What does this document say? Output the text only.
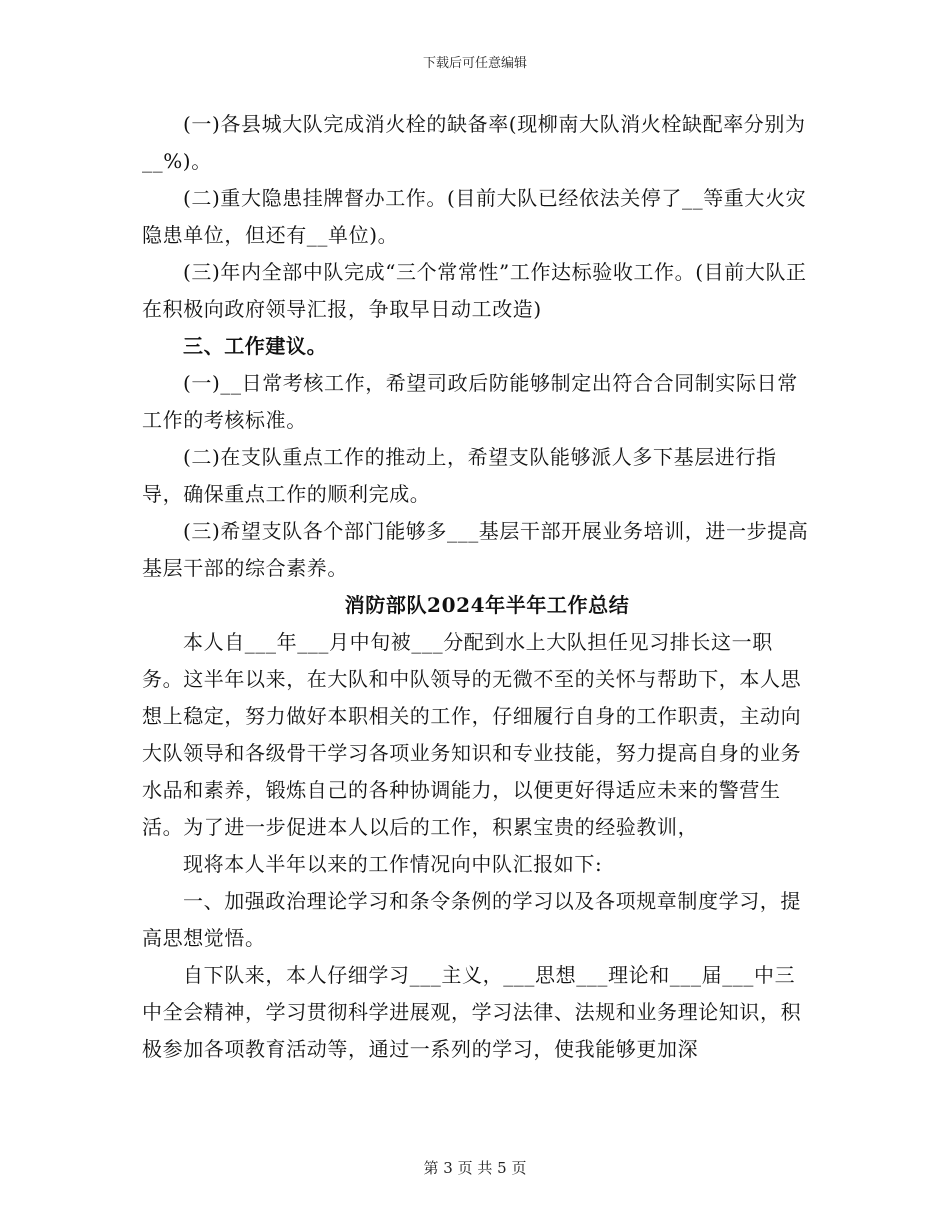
下载后可任意编辑

(一)各县城大队完成消火栓的缺备率(现柳南大队消火栓缺配率分别为__%)。

(二)重大隐患挂牌督办工作。(目前大队已经依法关停了__等重大火灾隐患单位，但还有__单位)。

(三)年内全部中队完成“三个常常性”工作达标验收工作。(目前大队正在积极向政府领导汇报，争取早日动工改造)

三、工作建议。

(一)__日常考核工作，希望司政后防能够制定出符合合同制实际日常工作的考核标准。

(二)在支队重点工作的推动上，希望支队能够派人多下基层进行指导，确保重点工作的顺利完成。

(三)希望支队各个部门能够多___基层干部开展业务培训，进一步提高基层干部的综合素养。

消防部队2024年半年工作总结

本人自___年___月中旬被___分配到水上大队担任见习排长这一职务。这半年以来，在大队和中队领导的无微不至的关怀与帮助下，本人思想上稳定，努力做好本职相关的工作，仔细履行自身的工作职责，主动向大队领导和各级骨干学习各项业务知识和专业技能，努力提高自身的业务水品和素养，锻炼自己的各种协调能力，以便更好得适应未来的警营生活。为了进一步促进本人以后的工作，积累宝贵的经验教训，

现将本人半年以来的工作情况向中队汇报如下:

一、加强政治理论学习和条令条例的学习以及各项规章制度学习，提高思想觉悟。

自下队来，本人仔细学习___主义，___思想___理论和___届___中三中全会精神，学习贯彻科学进展观，学习法律、法规和业务理论知识，积极参加各项教育活动等，通过一系列的学习，使我能够更加深

第 3 页 共 5 页
